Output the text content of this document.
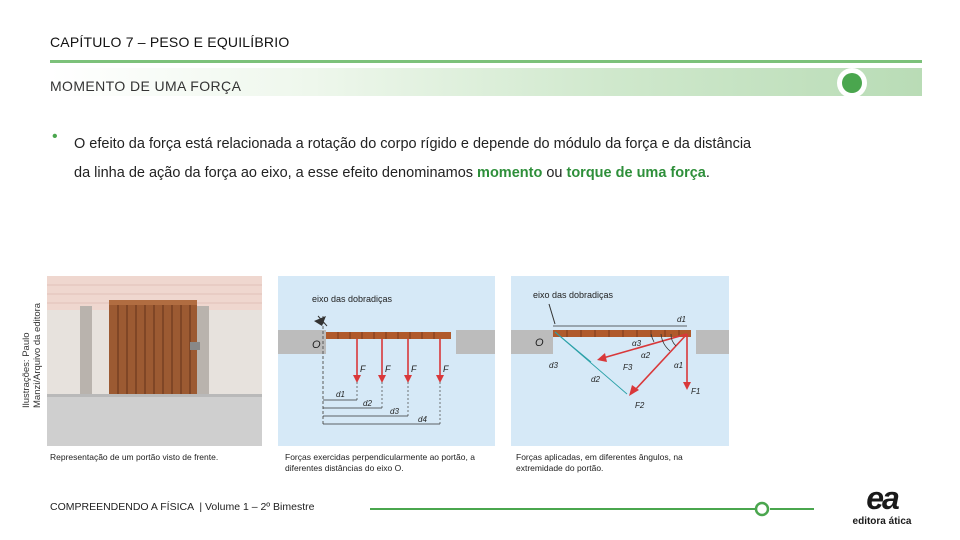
CAPÍTULO 7 – PESO E EQUILÍBRIO
MOMENTO DE UMA FORÇA
• O efeito da força está relacionada a rotação do corpo rígido e depende do módulo da força e da distância da linha de ação da força ao eixo, a esse efeito denominamos momento ou torque de uma força.
Ilustrações: Paulo Manzi/Arquivo da editora
eixo das dobradiças
O
F F F	F
d1
d2
d3
d4
eixo das dobradiças
O
d1
α1
α2
α3
d2
d3
F1
F2
F3
Representação de um portão visto de frente.	Forças exercidas perpendicularmente ao portão, a diferentes distâncias do eixo O.
Forças aplicadas, em diferentes ângulos, na extremidade do portão.
COMPREENDENDO A FÍSICA  | Volume 1 – 2º Bimestre	ea
editora ática
